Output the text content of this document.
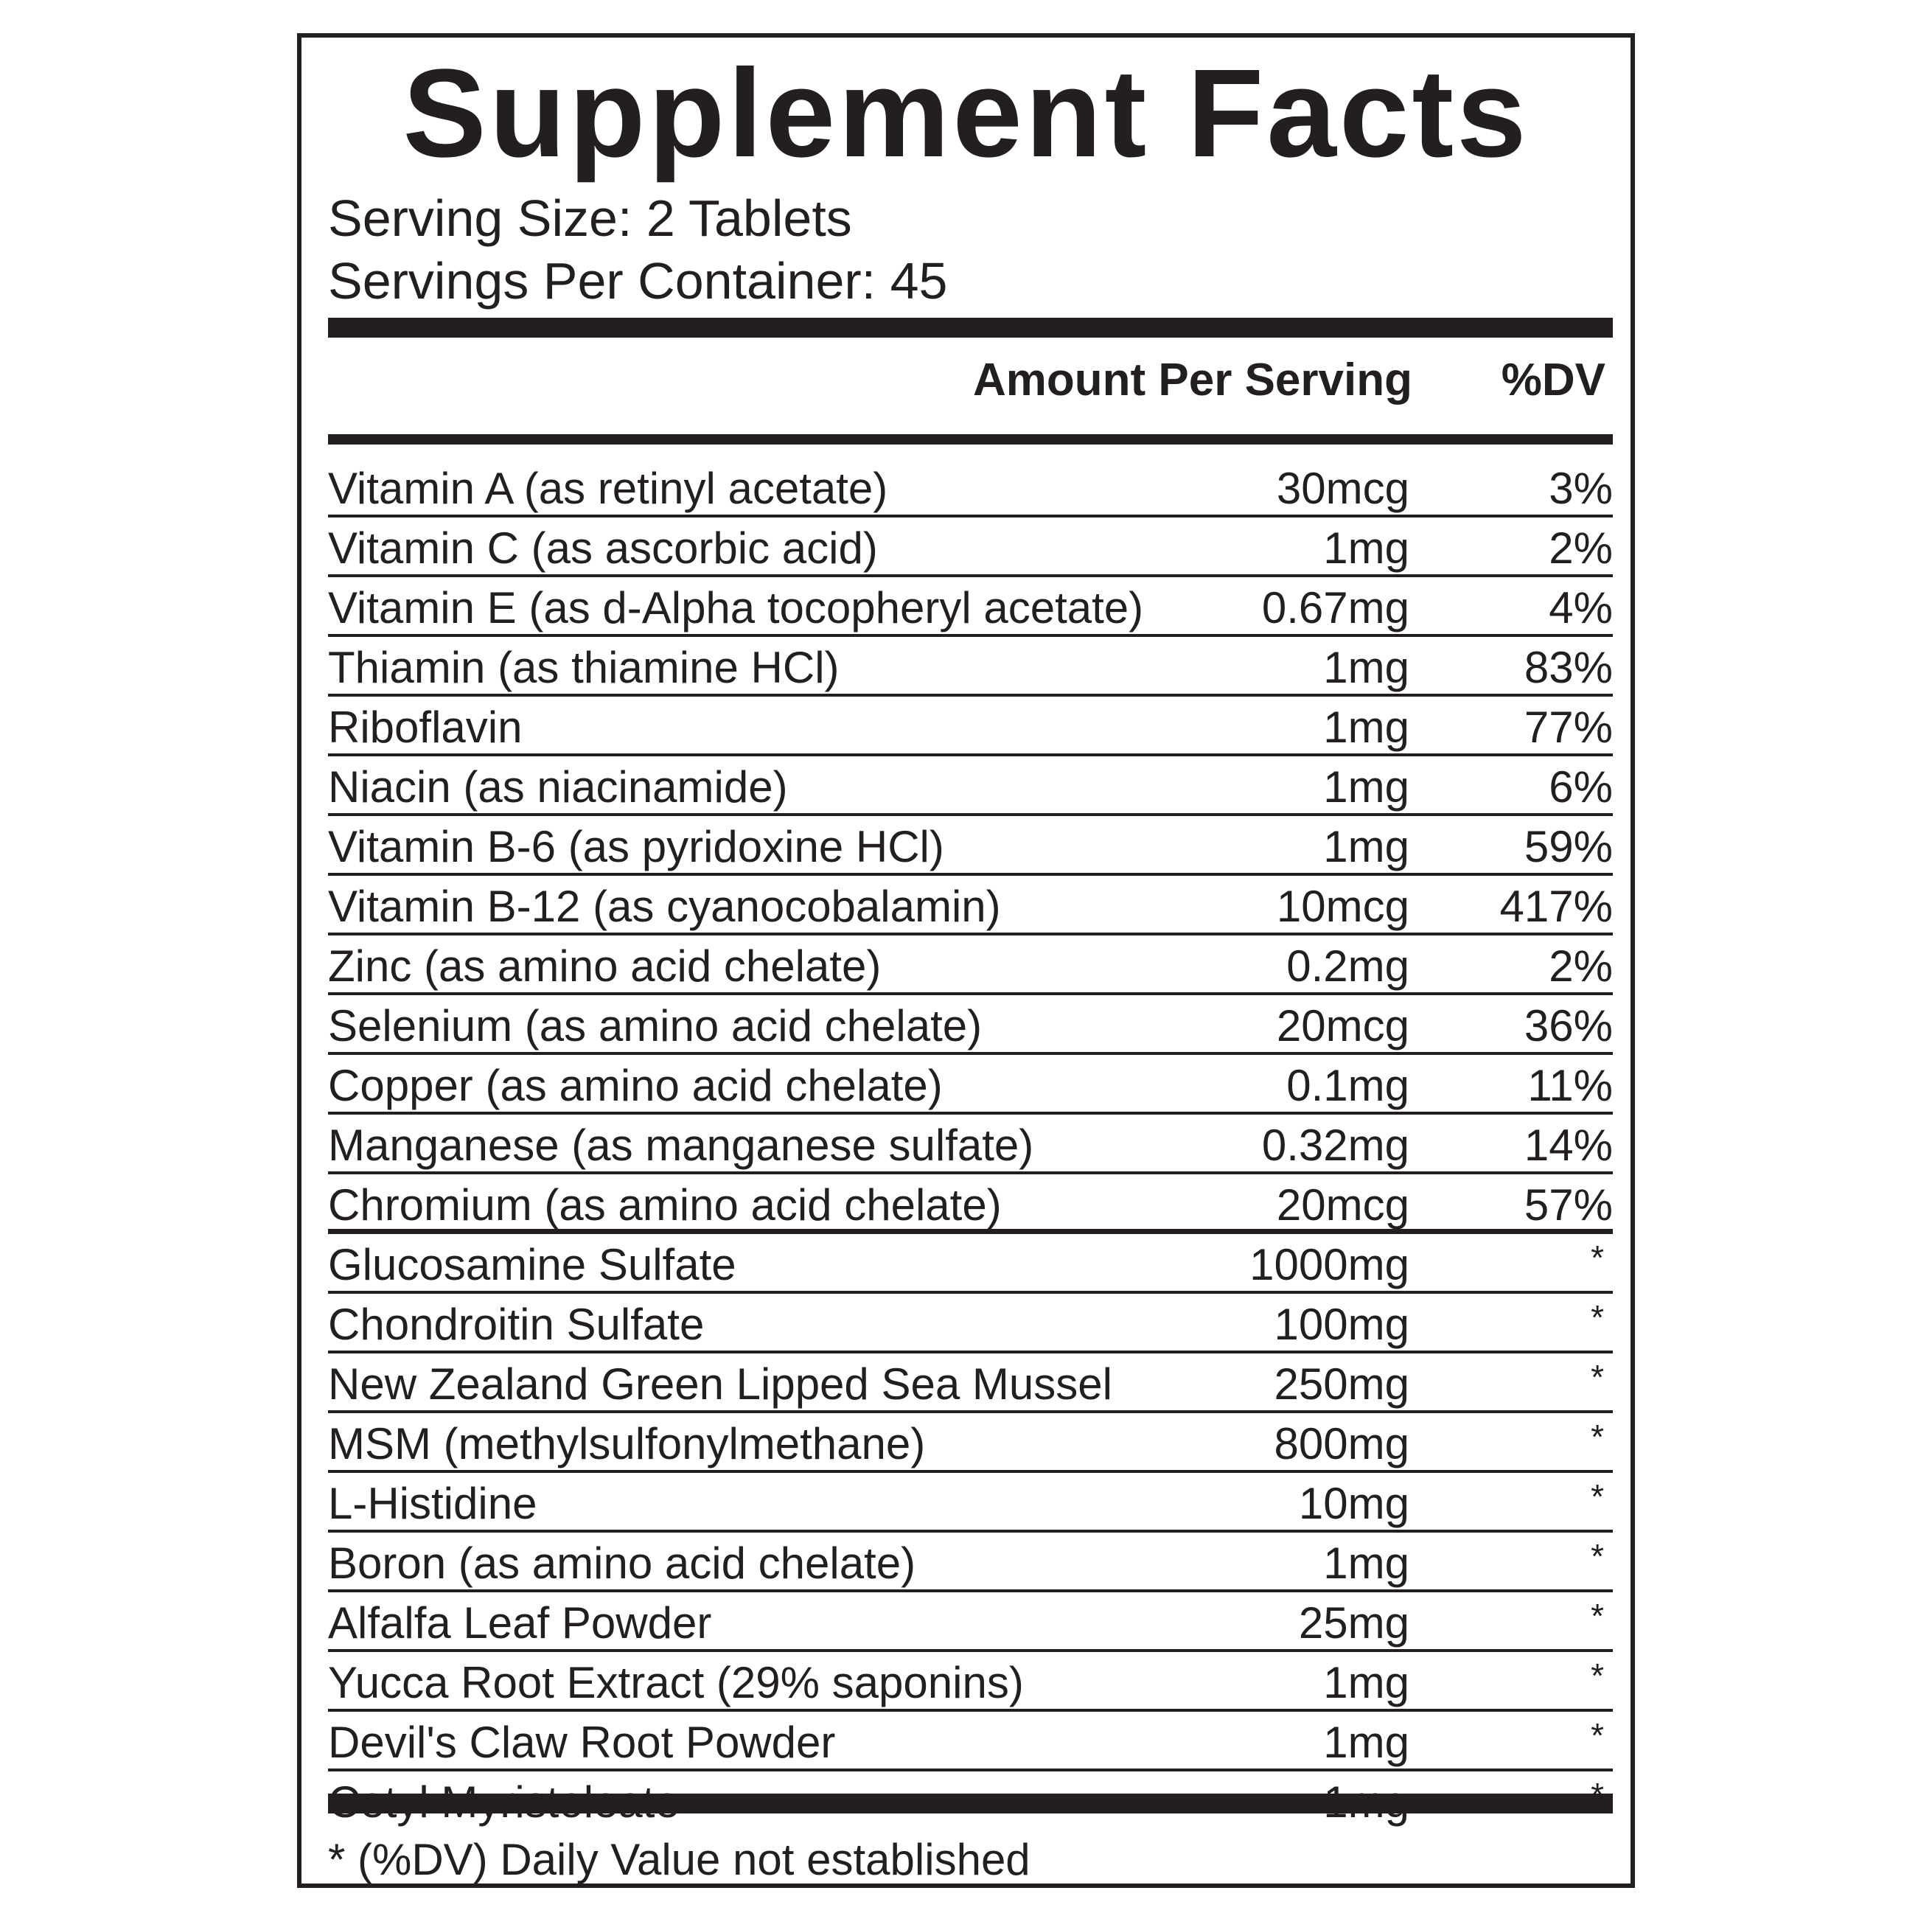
Supplement Facts
Serving Size: 2 Tablets
Servings Per Container: 45
Amount Per Serving %DV
Vitamin A (as retinyl acetate)	30mcg	3%
Vitamin C (as ascorbic acid)	1mg	2%
Vitamin E (as d-Alpha tocopheryl acetate)	0.67mg	4%
Thiamin (as thiamine HCl)	1mg	83%
Riboflavin	1mg	77%
Niacin (as niacinamide)	1mg	6%
Vitamin B-6 (as pyridoxine HCl)	1mg	59%
Vitamin B-12 (as cyanocobalamin)	10mcg 417%
Zinc (as amino acid chelate)	0.2mg	2%
Selenium (as amino acid chelate)	20mcg	36%
Copper (as amino acid chelate)	0.1mg	11%
Manganese (as manganese sulfate)	0.32mg	14%
Chromium (as amino acid chelate)	20mcg	57%
Glucosamine Sulfate	1000mg	*
Chondroitin Sulfate	100mg	*
New Zealand Green Lipped Sea Mussel	250mg	*
MSM (methylsulfonylmethane)	800mg	*
L-Histidine	10mg	*
Boron (as amino acid chelate)	1mg	*
Alfalfa Leaf Powder	25mg	*
Yucca Root Extract (29% saponins)	1mg	*
Devil's Claw Root Powder	1mg	*
* (%DV) Daily Value not established
